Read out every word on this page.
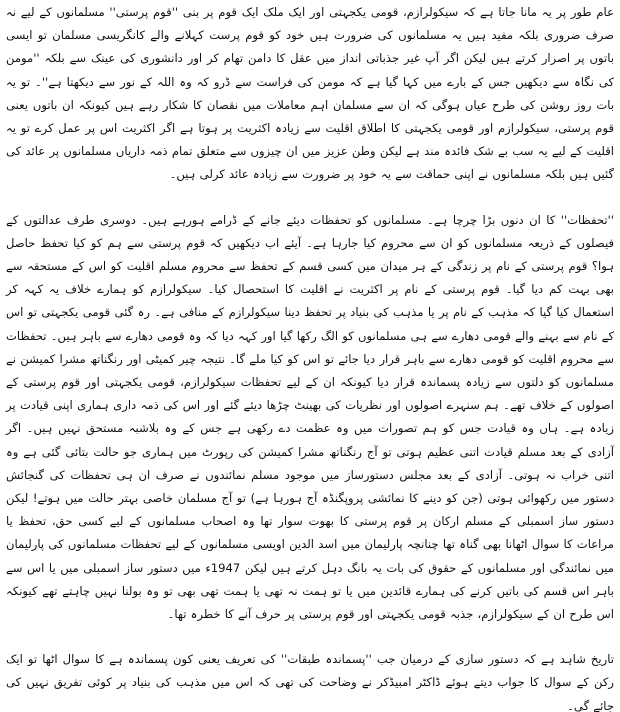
عام طور پر یہ مانا جاتا ہے کہ سیکولرازم، قومی یکجہتی اور ایک ملک ایک قوم پر بنی ''قوم پرستی'' مسلمانوں کے لیے نہ صرف ضروری بلکہ مفید ہیں یہ مسلمانوں کی ضرورت ہیں خود کو قوم پرست کہلانے والے کانگریسی مسلمان تو ایسی باتوں پر اصرار کرتے ہیں لیکن اگر آپ غیر جذباتی انداز میں عقل کا دامن تھام کر اور دانشوری کی عینک سے بلکہ ''مومن کی نگاہ سے دیکھیں جس کے بارے میں کہا گیا ہے کہ مومن کی فراست سے ڈرو کہ وہ اللہ کے نور سے دیکھتا ہے''۔ تو یہ بات روز روشن کی طرح عیاں ہوگی کہ ان سے مسلمان اہم معاملات میں نقصان کا شکار رہے ہیں کیونکہ ان باتوں یعنی قوم پرستی، سیکولرازم اور قومی یکجہتی کا اطلاق اقلیت سے زیادہ اکثریت پر ہوتا ہے اگر اکثریت اس پر عمل کرے تو یہ اقلیت کے لیے یہ سب بے شک فائدہ مند ہے لیکن وطن عزیز میں ان چیزوں سے متعلق تمام ذمہ داریاں مسلمانوں پر عائد کی گئیں ہیں بلکہ مسلمانوں نے اپنی حماقت سے یہ خود پر ضرورت سے زیادہ عائد کرلی ہیں۔

''تحفظات'' کا ان دنوں بڑا چرچا ہے۔ مسلمانوں کو تحفظات دیئے جانے کے ڈرامے ہورہے ہیں۔ دوسری طرف عدالتوں کے فیصلوں کے ذریعہ مسلمانوں کو ان سے محروم کیا جارہا ہے۔ آیئے اب دیکھیں کہ قوم پرستی سے ہم کو کیا تحفظ حاصل ہوا؟ قوم پرستی کے نام پر زندگی کے ہر میدان میں کسی قسم کے تحفظ سے محروم مسلم اقلیت کو اس کے مستحقہ سے بھی بہت کم دیا گیا۔ قوم پرستی کے نام پر اکثریت نے اقلیت کا استحصال کیا۔ سیکولرازم کو ہمارے خلاف یہ کہہ کر استعمال کیا گیا کہ مذہب کے نام پر یا مذہب کی بنیاد پر تحفظ دینا سیکولرازم کے منافی ہے۔ رہ گئی قومی یکجہتی تو اس کے نام سے بہنے والے قومی دھارے سے ہی مسلمانوں کو الگ رکھا گیا اور کہہ دیا کہ وہ قومی دھارے سے باہر ہیں۔ تحفظات سے محروم اقلیت کو قومی دھارے سے باہر قرار دیا جائے تو اس کو کیا ملے گا۔ نتیجہ چیر کمیٹی اور رنگناتھ مشرا کمیشن نے مسلمانوں کو دلتوں سے زیادہ پسماندہ قرار دیا کیونکہ ان کے لیے تحفظات سیکولرازم، قومی یکجہتی اور قوم پرستی کے اصولوں کے خلاف تھے۔ ہم سنہرے اصولوں اور نظریات کی بھینٹ چڑھا دیئے گئے اور اس کی ذمہ داری ہماری اپنی قیادت پر زیادہ ہے۔ ہاں وہ قیادت جس کو ہم تصورات میں وہ عظمت دے رکھی ہے جس کے وہ بلاشبہ مستحق نہیں ہیں۔ اگر آزادی کے بعد مسلم قیادت اتنی عظیم ہوتی تو آج رنگناتھ مشرا کمیشن کی رپورٹ میں ہماری جو حالت بتائی گئی ہے وہ اتنی خراب نہ ہوتی۔ آزادی کے بعد مجلس دستورساز میں موجود مسلم نمائندوں نے صرف ان ہی تحفظات کی گنجائش دستور میں رکھوائی ہوتی (جن کو دینے کا نمائشی پروپگنڈہ آج ہورہا ہے) تو آج مسلمان خاصی بہتر حالت میں ہوتے! لیکن دستور ساز اسمبلی کے مسلم ارکان پر قوم پرستی کا بھوت سوار تھا وہ اصحاب مسلمانوں کے لیے کسی حق، تحفظ یا مراعات کا سوال اٹھانا بھی گناہ تھا چنانچہ پارلیمان میں اسد الدین اویسی مسلمانوں کے لیے تحفظات مسلمانوں کی پارلیمان میں نمائندگی اور مسلمانوں کے حقوق کی بات یہ بانگ دہل کرتے ہیں لیکن 1947ء میں دستور ساز اسمبلی میں یا اس سے باہر اس قسم کی باتیں کرنے کی ہمارے قائدین میں یا تو ہمت نہ تھی یا ہمت تھی بھی تو وہ بولنا نہیں چاہتے تھے کیونکہ اس طرح ان کے سیکولرازم، جذبہ قومی یکجہتی اور قوم پرستی پر حرف آنے کا خطرہ تھا۔

تاریخ شاہد ہے کہ دستور سازی کے درمیان جب ''پسماندہ طبقات'' کی تعریف یعنی کون پسماندہ ہے کا سوال اٹھا تو ایک رکن کے سوال کا جواب دیتے ہوئے ڈاکٹر امبیڈکر نے وضاحت کی تھی کہ اس میں مذہب کی بنیاد پر کوئی تفریق نہیں کی جائے گی۔
